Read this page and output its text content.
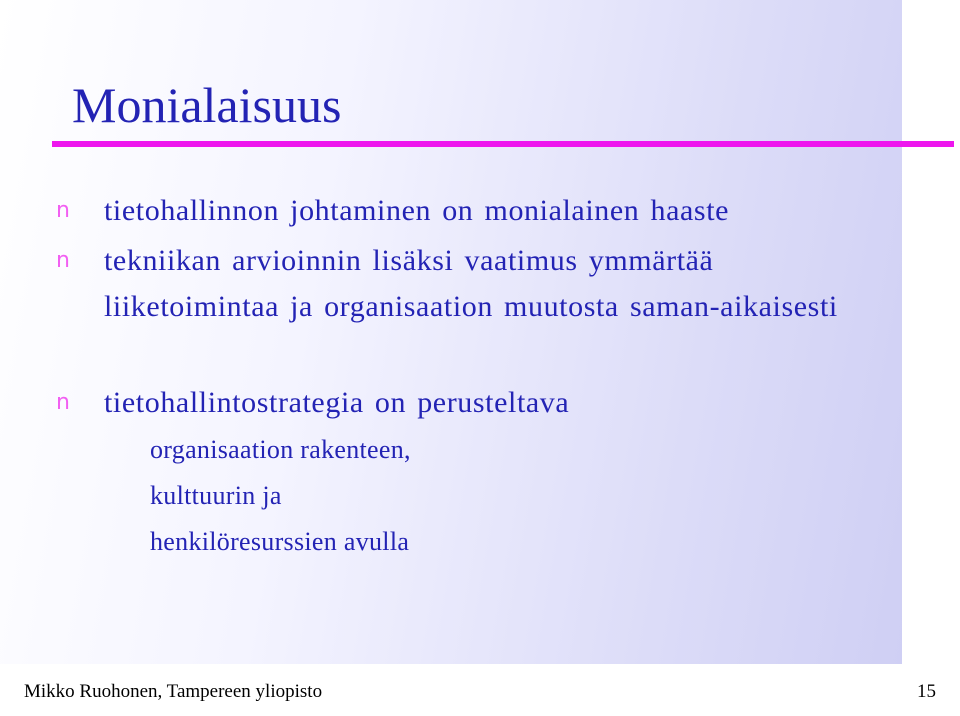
Monialaisuus
n	tietohallinnon johtaminen on monialainen haaste
n	tekniikan arvioinnin lisäksi vaatimus ymmärtää liiketoimintaa ja organisaation muutosta saman-aikaisesti
n	tietohallintostrategia on perusteltava
organisaation rakenteen,
kulttuurin ja
henkilöresurssien avulla
Mikko Ruohonen, Tampereen yliopisto	15
